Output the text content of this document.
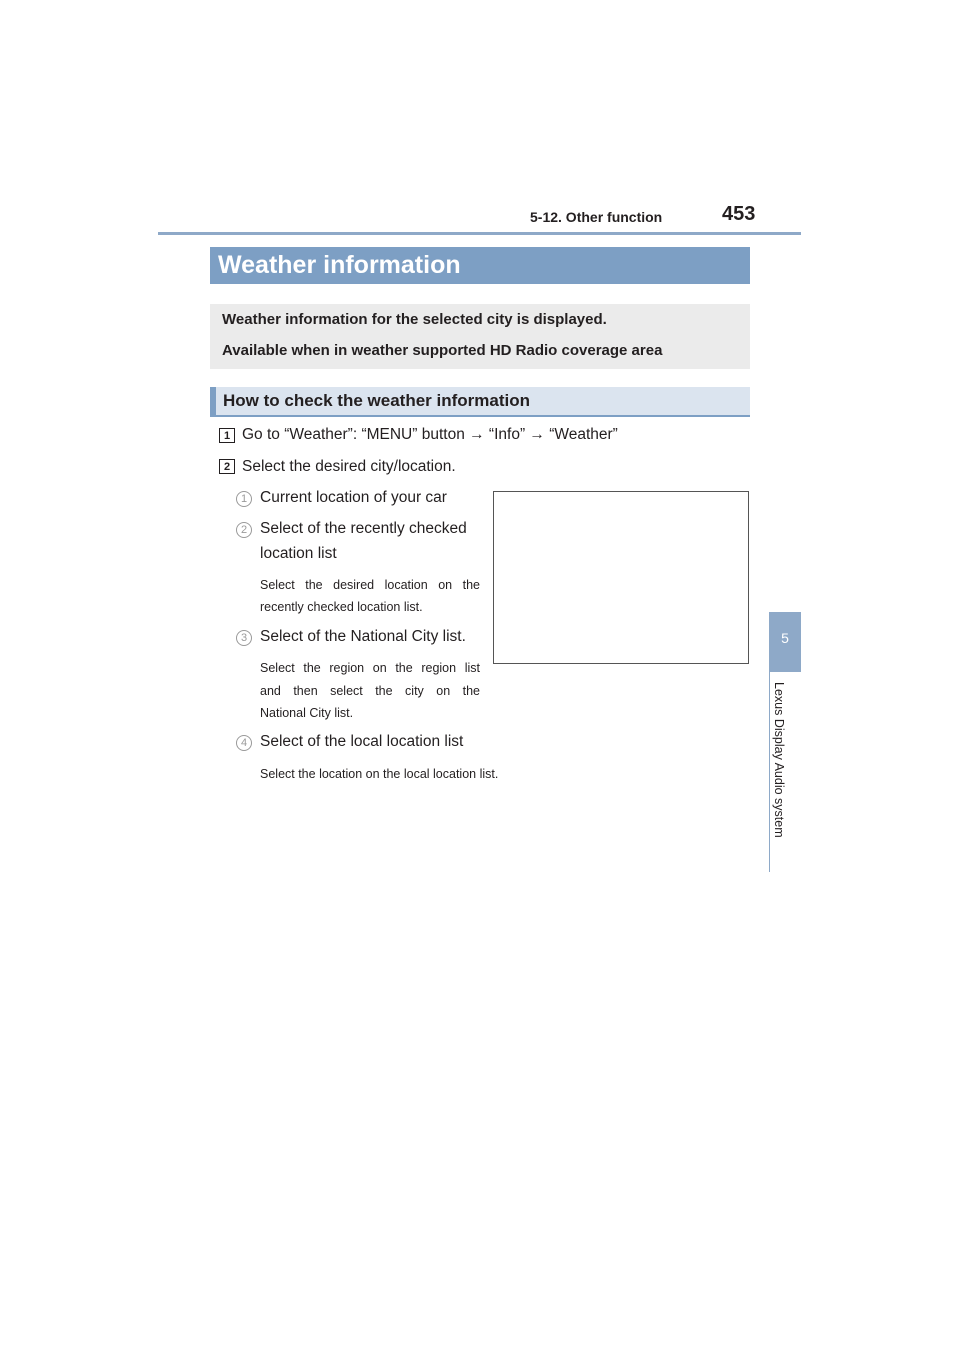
5-12. Other function	453
5
Lexus Display Audio system
Weather information
Weather information for the selected city is displayed.
Available when in weather supported HD Radio coverage area
How to check the weather information
1 Go to “Weather”: “MENU” button → “Info” → “Weather”
2 Select the desired city/location.
1 Current location of your car
2 Select of the recently checked
location list
Select the desired location on the
recently checked location list.
3 Select of the National City list.
Select the region on the region list
and then select the city on the
National City list.
4 Select of the local location list
Select the location on the local location list.
